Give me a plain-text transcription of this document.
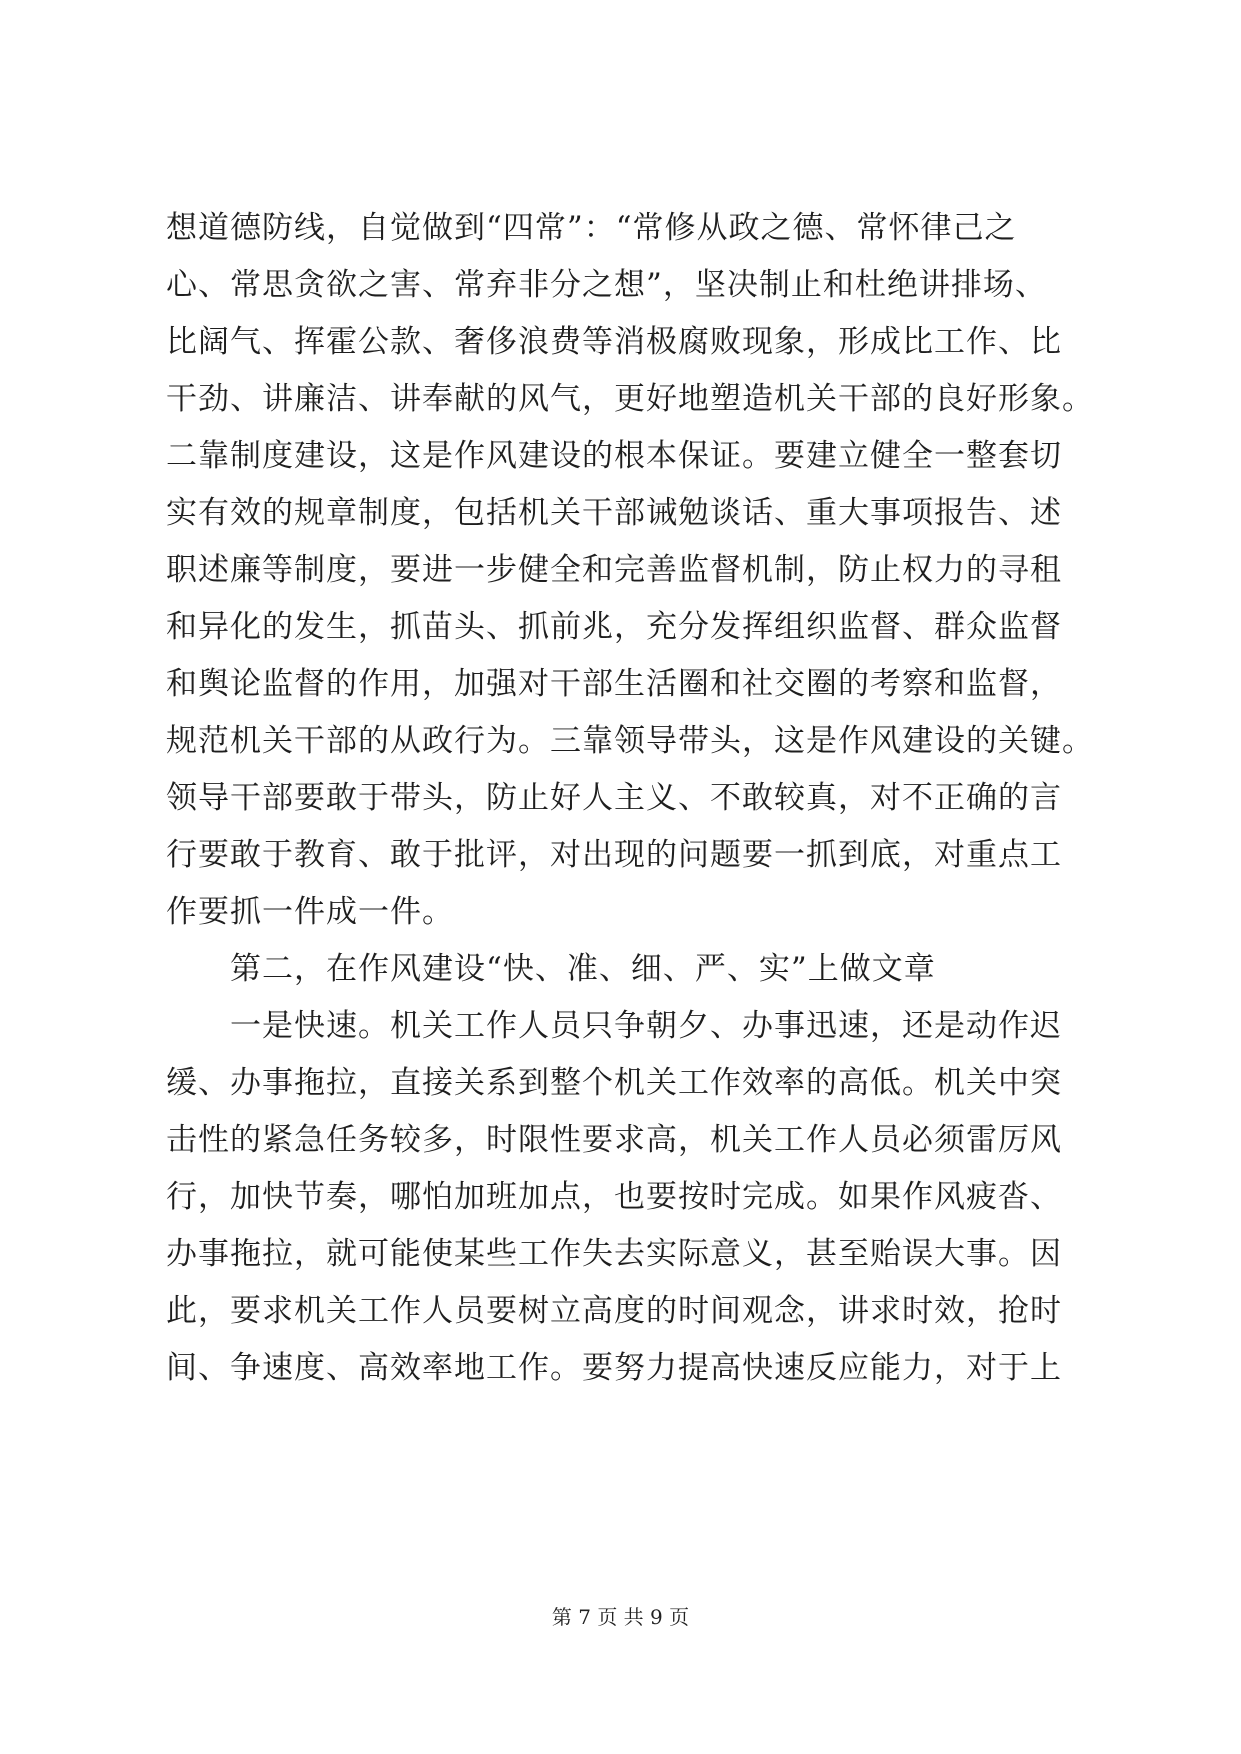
想道德防线，自觉做到“四常”：“常修从政之德、常怀律己之
心、常思贪欲之害、常弃非分之想”，坚决制止和杜绝讲排场、
比阔气、挥霍公款、奢侈浪费等消极腐败现象，形成比工作、比
干劲、讲廉洁、讲奉献的风气，更好地塑造机关干部的良好形象。
二靠制度建设，这是作风建设的根本保证。要建立健全一整套切
实有效的规章制度，包括机关干部诫勉谈话、重大事项报告、述
职述廉等制度，要进一步健全和完善监督机制，防止权力的寻租
和异化的发生，抓苗头、抓前兆，充分发挥组织监督、群众监督
和舆论监督的作用，加强对干部生活圈和社交圈的考察和监督，
规范机关干部的从政行为。三靠领导带头，这是作风建设的关键。
领导干部要敢于带头，防止好人主义、不敢较真，对不正确的言
行要敢于教育、敢于批评，对出现的问题要一抓到底，对重点工
作要抓一件成一件。
第二，在作风建设“快、准、细、严、实”上做文章
一是快速。机关工作人员只争朝夕、办事迅速，还是动作迟
缓、办事拖拉，直接关系到整个机关工作效率的高低。机关中突
击性的紧急任务较多，时限性要求高，机关工作人员必须雷厉风
行，加快节奏，哪怕加班加点，也要按时完成。如果作风疲沓、
办事拖拉，就可能使某些工作失去实际意义，甚至贻误大事。因
此，要求机关工作人员要树立高度的时间观念，讲求时效，抢时
间、争速度、高效率地工作。要努力提高快速反应能力，对于上
第 7 页 共 9 页
